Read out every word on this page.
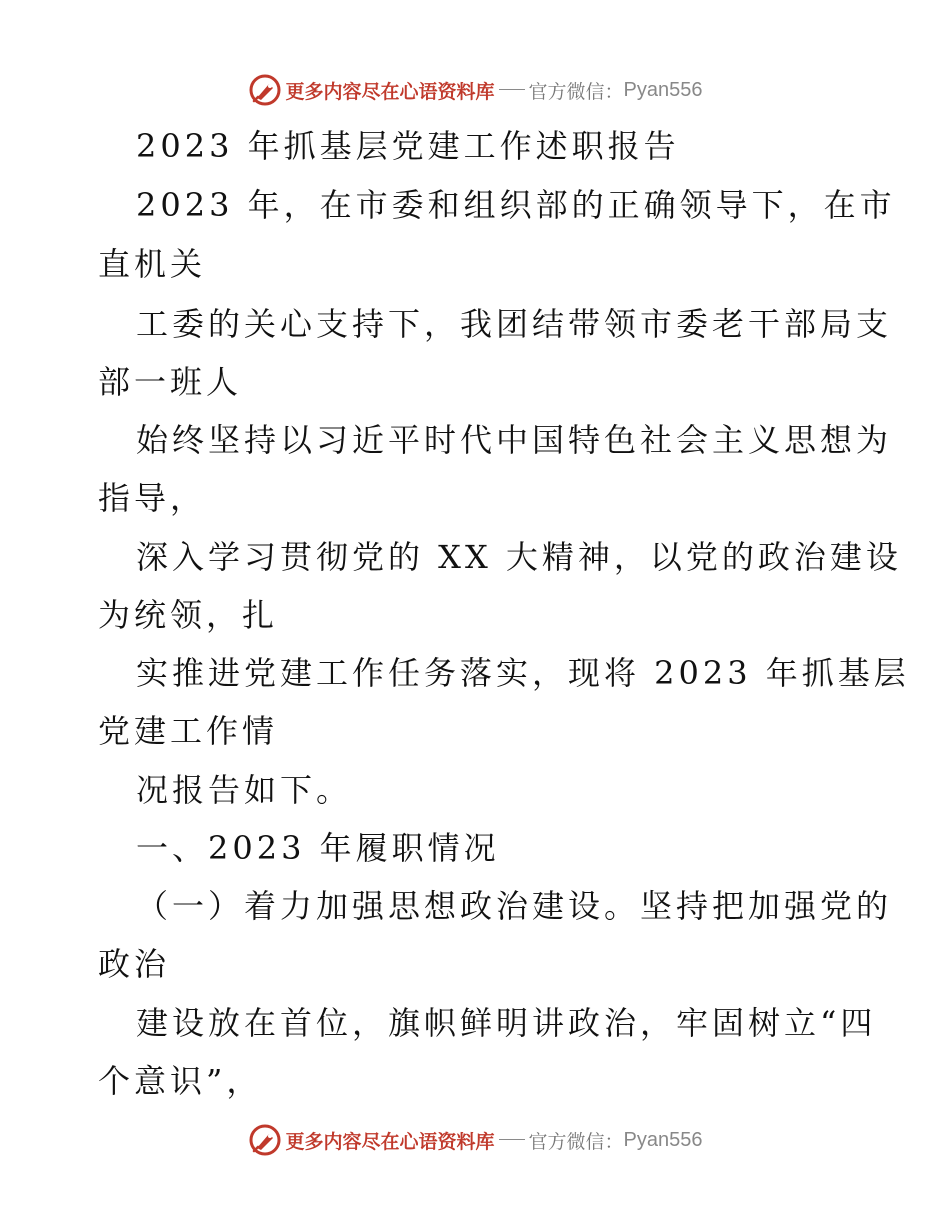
更多内容尽在心语资料库 官方微信： Pyan556
2023 年抓基层党建工作述职报告
2023 年，在市委和组织部的正确领导下，在市
直机关
工委的关心支持下，我团结带领市委老干部局支
部一班人
始终坚持以习近平时代中国特色社会主义思想为
指导，
深入学习贯彻党的 XX 大精神，以党的政治建设
为统领，扎
实推进党建工作任务落实，现将 2023 年抓基层
党建工作情
况报告如下。
一、2023 年履职情况
（一）着力加强思想政治建设。坚持把加强党的
政治
建设放在首位，旗帜鲜明讲政治，牢固树立“四
个意识”，
更多内容尽在心语资料库 官方微信： Pyan556
